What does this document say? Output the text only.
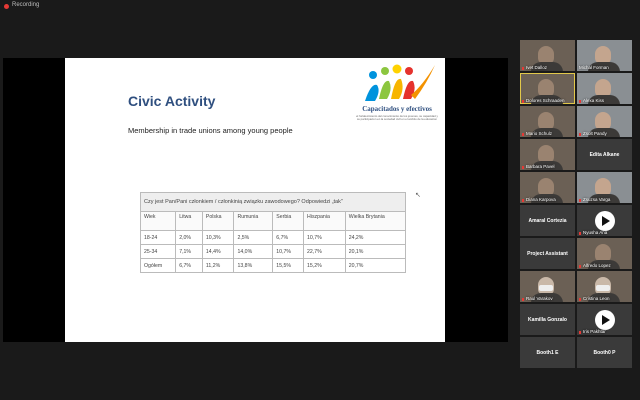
Recording
Capacitados y efectivos
el fortalecimiento del conocimiento de los jovenes, su capacidad y su participacion en la sociedad civil en el ambito de la educacion
Civic Activity
Membership in trade unions among young people
↖
Czy jest Pan/Pani członkiem / członkinią związku zawodowego? Odpowiedzi „tak”						
Wiek	Litwa	Polska	Rumunia	Serbia	Hiszpania	Wielka Brytania
18-24	2,0%	10,3%	2,5%	6,7%	10,7%	24,2%
25-34	7,1%	14,4%	14,0%	10,7%	22,7%	20,1%
Ogółem	6,7%	11,2%	13,8%	15,5%	15,2%	20,7%
Ivet Dalloz	Michal Forman
Dolores Schraaden	Alexa Kiss
Mario Schulz	Zsolt Pandy
Barbara Pavel
Edita Alkane
Diana Karpova	Zsuzsa Varga
Amaral Cortezia
Nyusha Ana
Project Assistant
Alfredo Lopez
Raul Varakov	Cristina Leon
Kamilla Gonzalo
Iris Pakhtar
Booth1 E	Booth0 P
